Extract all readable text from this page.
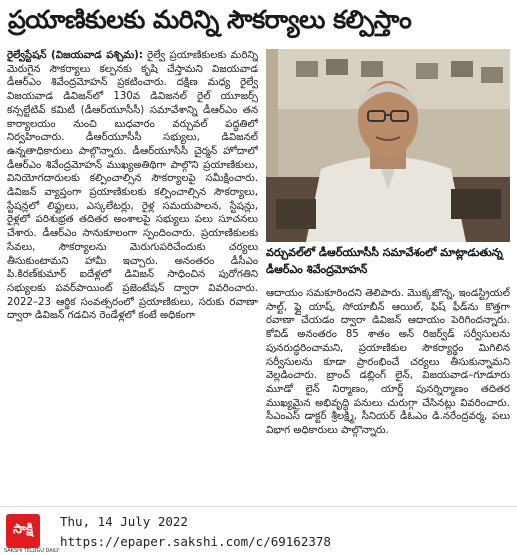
ప్రయాణికులకు మరిన్ని సౌకర్యాలు కల్పిస్తాం

రైల్వేస్టేషన్ (విజయవాడ పశ్చిమ): రైల్వే ప్రయాణికులకు మరిన్ని మెరుగైన సౌకర్యాలు కల్పనకు కృషి చేస్తామని విజయవాడ డీఆర్ఎం శివేంద్రమోహన్ ప్రకటించారు. దక్షిణ మధ్య రైల్వే విజయవాడ డివిజన్‌లో 130వ డివిజనల్ రైల్ యూజర్స్ కన్సల్టేటివ్ కమిటీ (డీఆర్‌యూసీసీ) సమావేశాన్ని డీఆర్ఎం తన కార్యాలయం నుంచి బుధవారం వర్చువల్ పద్ధతిలో నిర్వహించారు. డీఆర్‌యూసీసీ సభ్యులు, డివిజనల్ ఉన్నతాధికారులు పాల్గొన్నారు. డీఆర్‌యూసీసీ చైర్మన్ హోదాలో డీఆర్ఎం శివేంద్రమోహన్ ముఖ్యఅతిథిగా పాల్గొని ప్రయాణికులు, వినియోగదారులకు కల్పించాల్సిన సౌకర్యాలపై సమీక్షించారు. డివిజన్ వ్యాప్తంగా ప్రయాణికులకు కల్పించాల్సిన సౌకర్యాలు, స్టేషన్లలో లిఫ్టులు, ఎస్కలేటర్లు, రైళ్ల సమయపాలన, స్టేషన్లు, రైళ్లలో పరిశుభ్రత తదితర అంశాలపై సభ్యులు పలు సూచనలు చేశారు. డీఆర్ఎం సానుకూలంగా స్పందించారు. ప్రయాణికులకు సేవలు, సౌకర్యాలను మెరుగుపరిచేందుకు చర్యలు తీసుకుంటామని హామీ ఇచ్చారు. అనంతరం డీసీఎం పి.కిరణ్‌కుమార్ ఐదేళ్లలో డివిజన్ సాధించిన పురోగతిని సభ్యులకు పవర్‌పాయింట్ ప్రజెంటేషన్ ద్వారా వివరించారు. 2022–23 ఆర్థిక సంవత్సరంలో ప్రయాణికులు, సరుకు రవాణా ద్వారా డివిజన్ గడచిన రెండేళ్లలో కంటే అధికంగా

వర్చువల్‌లో డీఆర్‌యూసీసీ సమావేశంలో మాట్లాడుతున్న డీఆర్ఎం శివేంద్రమోహన్

ఆదాయం సమకూరిందని తెలిపారు. మొక్కజొన్న, ఇండస్ట్రియల్ సాల్ట్, ఫ్లై యాష్, సోయాబీన్ ఆయిల్, ఫిష్ ఫీడ్‌ను కొత్తగా రవాణా చేయడం ద్వారా డివిజన్ ఆదాయం పెరిగిందన్నారు. కోవిడ్ అనంతరం 85 శాతం అన్ రిజర్వ్‌డ్ సర్వీసులను పునరుద్ధరించామని, ప్రయాణికుల సౌకర్యార్థం మిగిలిన సర్వీసులను కూడా ప్రారంభించే చర్యలు తీసుకున్నామని వెల్లడించారు. బ్రాంచ్ డబ్లింగ్ లైన్, విజయవాడ–గూడూరు మూడో లైన్ నిర్మాణం, యార్డ్ పునర్నిర్మాణం తదితర ముఖ్యమైన అభివృద్ధి పనులు చురుగ్గా చేసినట్లు వివరించారు. సీఎంఎస్ డాక్టర్ శ్రీలక్ష్మి, సీనియర్ డీఓఎం డి.నరేంద్రవర్మ, పలు విభాగ అధికారులు పాల్గొన్నారు.

సాక్షి
SAKSHI TELUGU DAILY
Thu, 14 July 2022
https://epaper.sakshi.com/c/69162378
